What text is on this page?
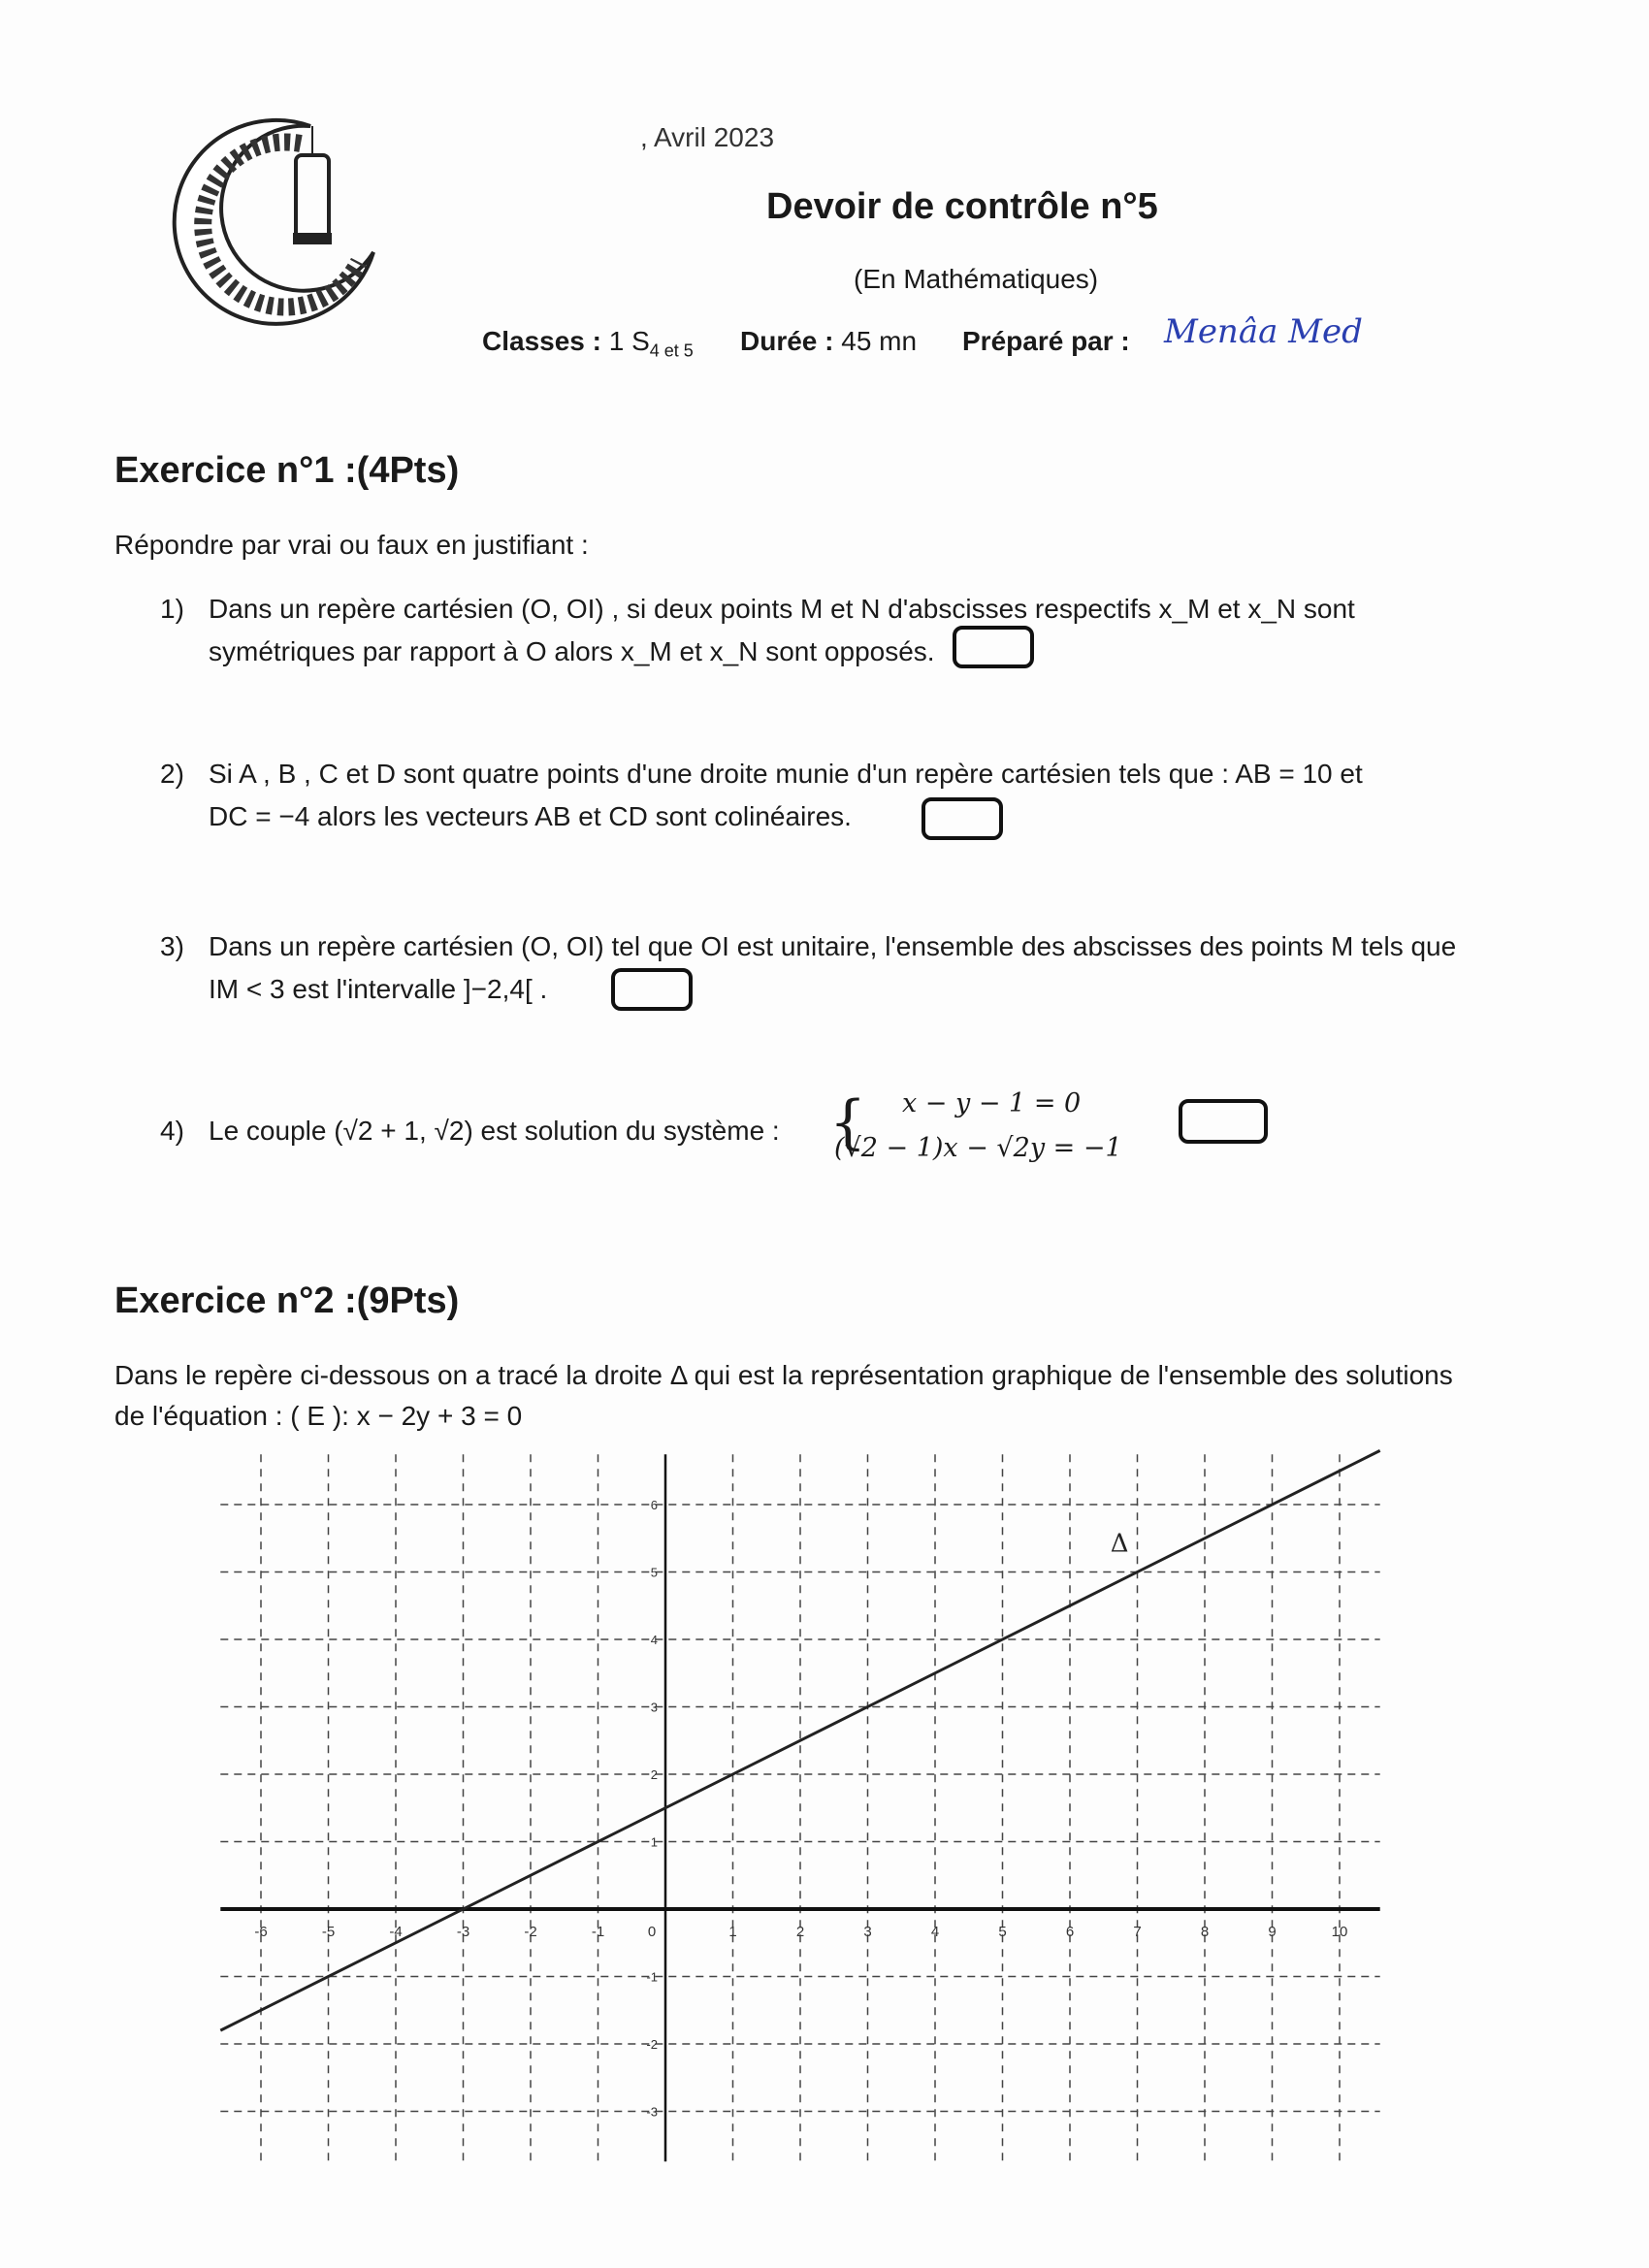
, Avril 2023
Devoir de contrôle n°5
(En Mathématiques)
Classes : 1 $S_{4 et 5}$ Durée : 45 mn Préparé par : Menâa Med
Exercice n°1 :(4Pts)
Répondre par vrai ou faux en justifiant :
1) Dans un repère cartésien (O, OI) , si deux points M et N d'abscisses respectifs x_M et x_N sont
symétriques par rapport à O alors x_M et x_N sont opposés.
2) Si A , B , C et D sont quatre points d'une droite munie d'un repère cartésien tels que : AB = 10 et
DC = −4 alors les vecteurs AB et CD sont colinéaires.
3) Dans un repère cartésien (O, OI) tel que OI est unitaire, l'ensemble des abscisses des points M tels que
IM < 3 est l'intervalle ]−2,4[ .
4) Le couple (√2 + 1, √2) est solution du système : { x − y − 1 = 0
(√2 − 1)x − √2y = −1
Exercice n°2 :(9Pts)
Dans le repère ci-dessous on a tracé la droite Δ qui est la représentation graphique de l'ensemble des solutions
de l'équation : ( E ): x − 2y + 3 = 0
-6	-5	-4	-3	-2	-1	0	1	2	3	4	5	6	7	8	9	10
-3
-2
-1
1
2
3
4
5
6
Δ
